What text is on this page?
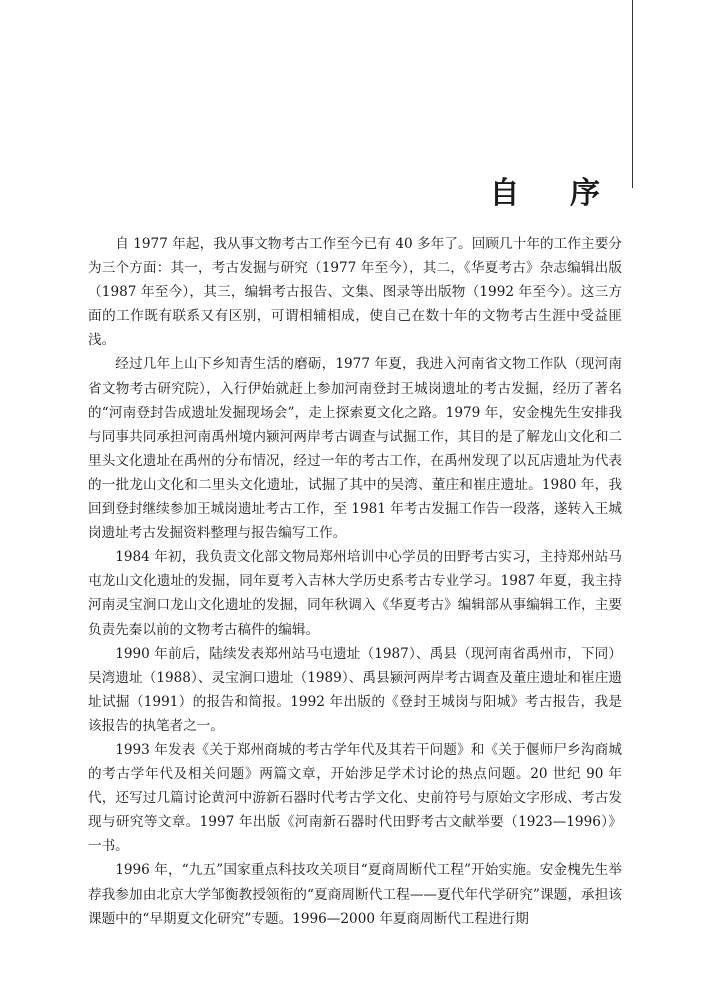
自 序

自 1977 年起，我从事文物考古工作至今已有 40 多年了。回顾几十年的工作主要分为三个方面：其一，考古发掘与研究（1977 年至今），其二，《华夏考古》杂志编辑出版（1987 年至今），其三，编辑考古报告、文集、图录等出版物（1992 年至今）。这三方面的工作既有联系又有区别，可谓相辅相成，使自己在数十年的文物考古生涯中受益匪浅。

经过几年上山下乡知青生活的磨砺，1977 年夏，我进入河南省文物工作队（现河南省文物考古研究院），入行伊始就赶上参加河南登封王城岗遗址的考古发掘，经历了著名的“河南登封告成遗址发掘现场会”，走上探索夏文化之路。1979 年，安金槐先生安排我与同事共同承担河南禹州境内颍河两岸考古调查与试掘工作，其目的是了解龙山文化和二里头文化遗址在禹州的分布情况，经过一年的考古工作，在禹州发现了以瓦店遗址为代表的一批龙山文化和二里头文化遗址，试掘了其中的吴湾、董庄和崔庄遗址。1980 年，我回到登封继续参加王城岗遗址考古工作，至 1981 年考古发掘工作告一段落，遂转入王城岗遗址考古发掘资料整理与报告编写工作。

1984 年初，我负责文化部文物局郑州培训中心学员的田野考古实习，主持郑州站马屯龙山文化遗址的发掘，同年夏考入吉林大学历史系考古专业学习。1987 年夏，我主持河南灵宝涧口龙山文化遗址的发掘，同年秋调入《华夏考古》编辑部从事编辑工作，主要负责先秦以前的文物考古稿件的编辑。

1990 年前后，陆续发表郑州站马屯遗址（1987）、禹县（现河南省禹州市，下同）吴湾遗址（1988）、灵宝涧口遗址（1989）、禹县颍河两岸考古调查及董庄遗址和崔庄遗址试掘（1991）的报告和简报。1992 年出版的《登封王城岗与阳城》考古报告，我是该报告的执笔者之一。

1993 年发表《关于郑州商城的考古学年代及其若干问题》和《关于偃师尸乡沟商城的考古学年代及相关问题》两篇文章，开始涉足学术讨论的热点问题。20 世纪 90 年代，还写过几篇讨论黄河中游新石器时代考古学文化、史前符号与原始文字形成、考古发现与研究等文章。1997 年出版《河南新石器时代田野考古文献举要（1923—1996）》一书。

1996 年，“九五”国家重点科技攻关项目“夏商周断代工程”开始实施。安金槐先生举荐我参加由北京大学邹衡教授领衔的“夏商周断代工程——夏代年代学研究”课题，承担该课题中的“早期夏文化研究”专题。1996—2000 年夏商周断代工程进行期
